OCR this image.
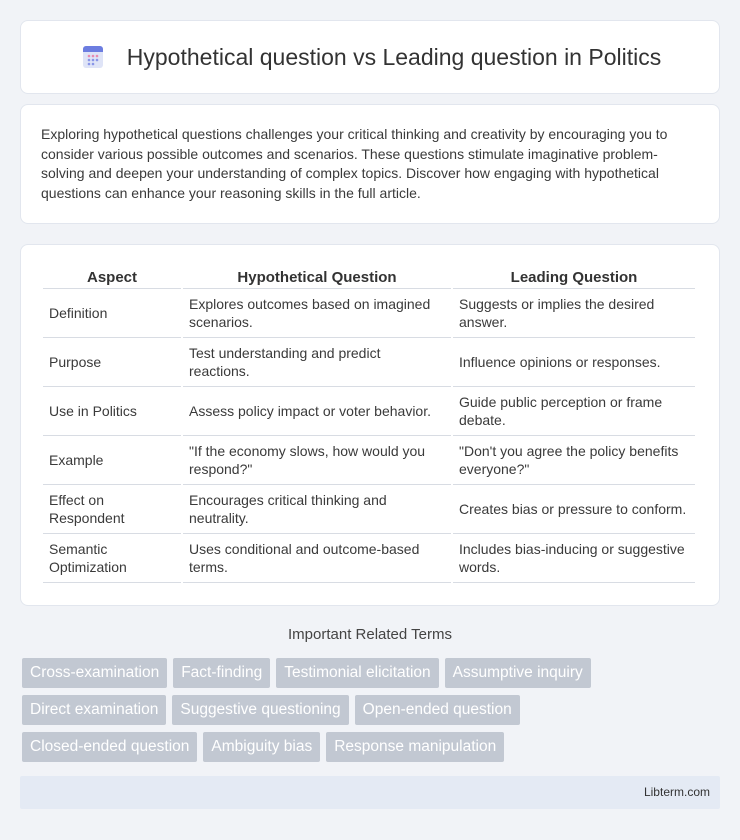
Hypothetical question vs Leading question in Politics

Exploring hypothetical questions challenges your critical thinking and creativity by encouraging you to consider various possible outcomes and scenarios. These questions stimulate imaginative problem-solving and deepen your understanding of complex topics. Discover how engaging with hypothetical questions can enhance your reasoning skills in the full article.

Aspect	Hypothetical Question	Leading Question
Definition	Explores outcomes based on imagined scenarios.	Suggests or implies the desired answer.
Purpose	Test understanding and predict reactions.	Influence opinions or responses.
Use in Politics	Assess policy impact or voter behavior.	Guide public perception or frame debate.
Example	"If the economy slows, how would you respond?"	"Don't you agree the policy benefits everyone?"
Effect on Respondent	Encourages critical thinking and neutrality.	Creates bias or pressure to conform.
Semantic Optimization	Uses conditional and outcome-based terms.	Includes bias-inducing or suggestive words.
Important Related Terms
Cross-examination	Fact-finding	Testimonial elicitation	Assumptive inquiry
Direct examination	Suggestive questioning	Open-ended question
Closed-ended question	Ambiguity bias	Response manipulation
Libterm.com
